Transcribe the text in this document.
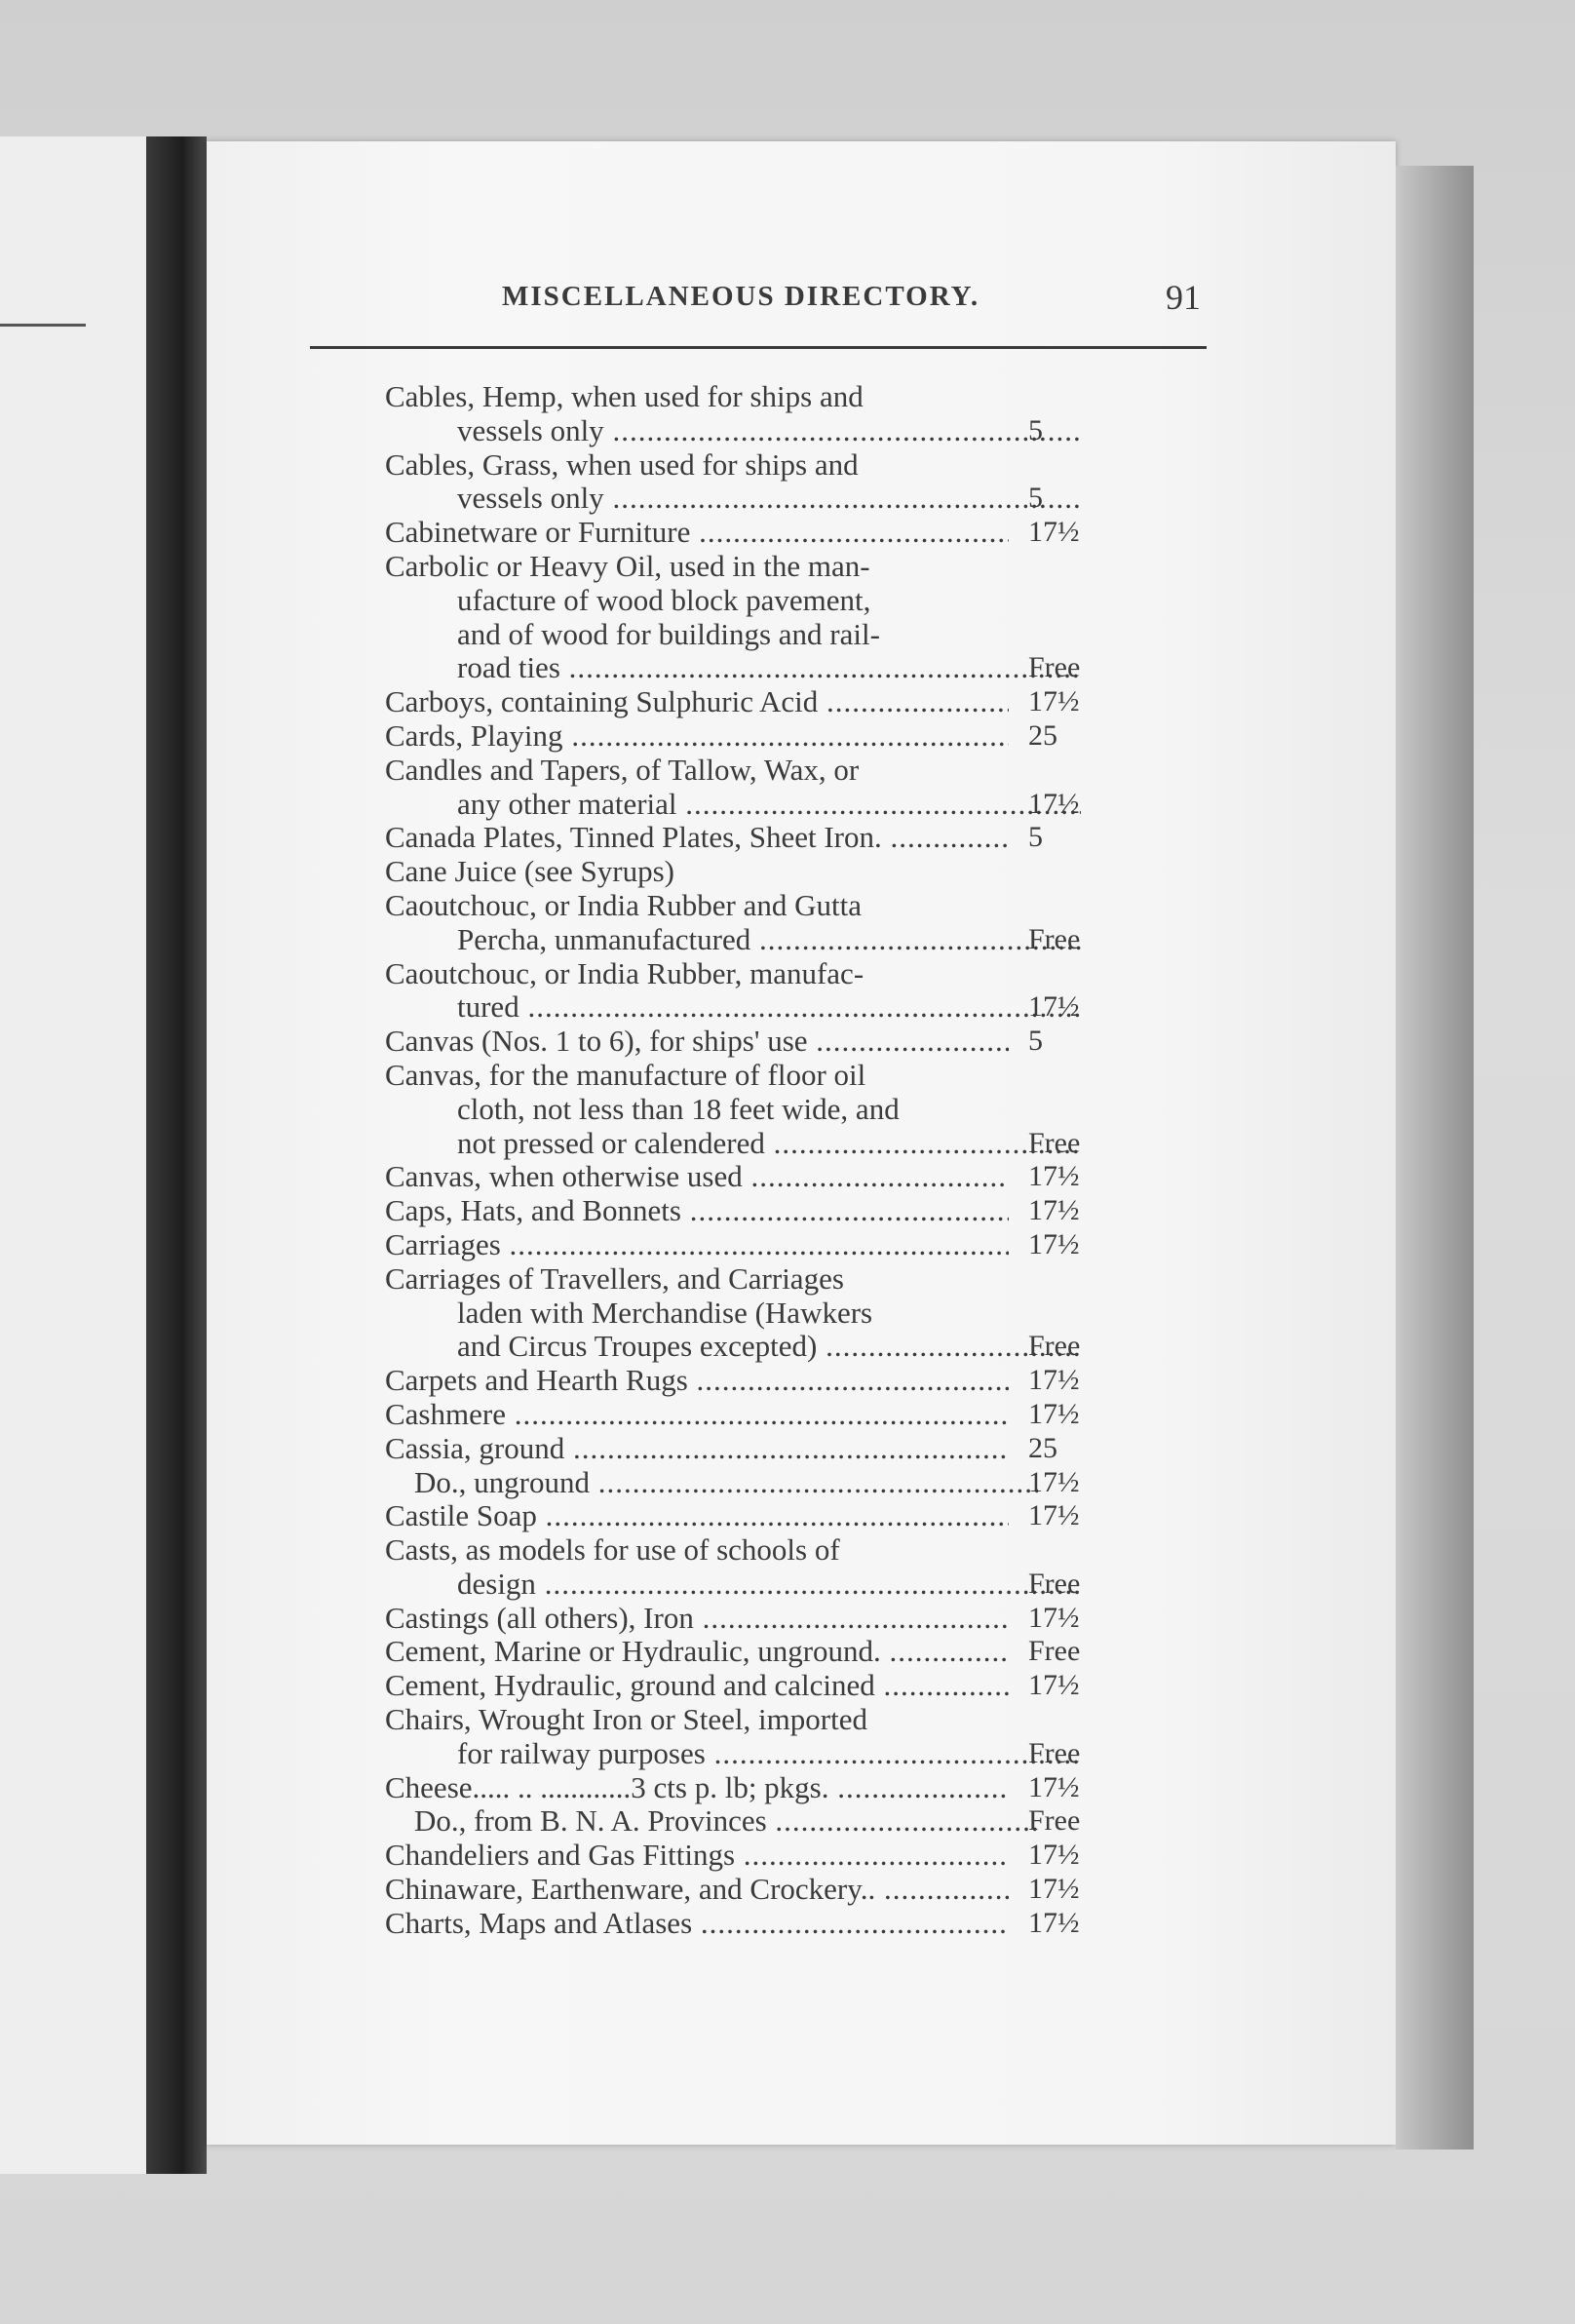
MISCELLANEOUS DIRECTORY.	91
Cables, Hemp, when used for ships and
vessels only .....	5
Cables, Grass, when used for ships and
vessels only .....	5
Cabinetware or Furniture .....	17½
Carbolic or Heavy Oil, used in the man-
ufacture of wood block pavement,
and of wood for buildings and rail-
road ties .....	Free
Carboys, containing Sulphuric Acid .....	17½
Cards, Playing .....	25
Candles and Tapers, of Tallow, Wax, or
any other material .....	17½
Canada Plates, Tinned Plates, Sheet Iron. .....	5
Cane Juice (see Syrups)
Caoutchouc, or India Rubber and Gutta
Percha, unmanufactured .....	Free
Caoutchouc, or India Rubber, manufac-
tured .....	17½
Canvas (Nos. 1 to 6), for ships' use .....	5
Canvas, for the manufacture of floor oil
cloth, not less than 18 feet wide, and
not pressed or calendered .....	Free
Canvas, when otherwise used .....	17½
Caps, Hats, and Bonnets .....	17½
Carriages .....	17½
Carriages of Travellers, and Carriages
laden with Merchandise (Hawkers
and Circus Troupes excepted) .....	Free
Carpets and Hearth Rugs .....	17½
Cashmere .....	17½
Cassia, ground .....	25
Do., unground .....	17½
Castile Soap .....	17½
Casts, as models for use of schools of
design .....	Free
Castings (all others), Iron .....	17½
Cement, Marine or Hydraulic, unground. .....	Free
Cement, Hydraulic, ground and calcined .....	17½
Chairs, Wrought Iron or Steel, imported
for railway purposes .....	Free
Cheese..... .. ............3 cts p. lb; pkgs. .....	17½
Do., from B. N. A. Provinces .....	Free
Chandeliers and Gas Fittings .....	17½
Chinaware, Earthenware, and Crockery.. .....	17½
Charts, Maps and Atlases .....	17½
